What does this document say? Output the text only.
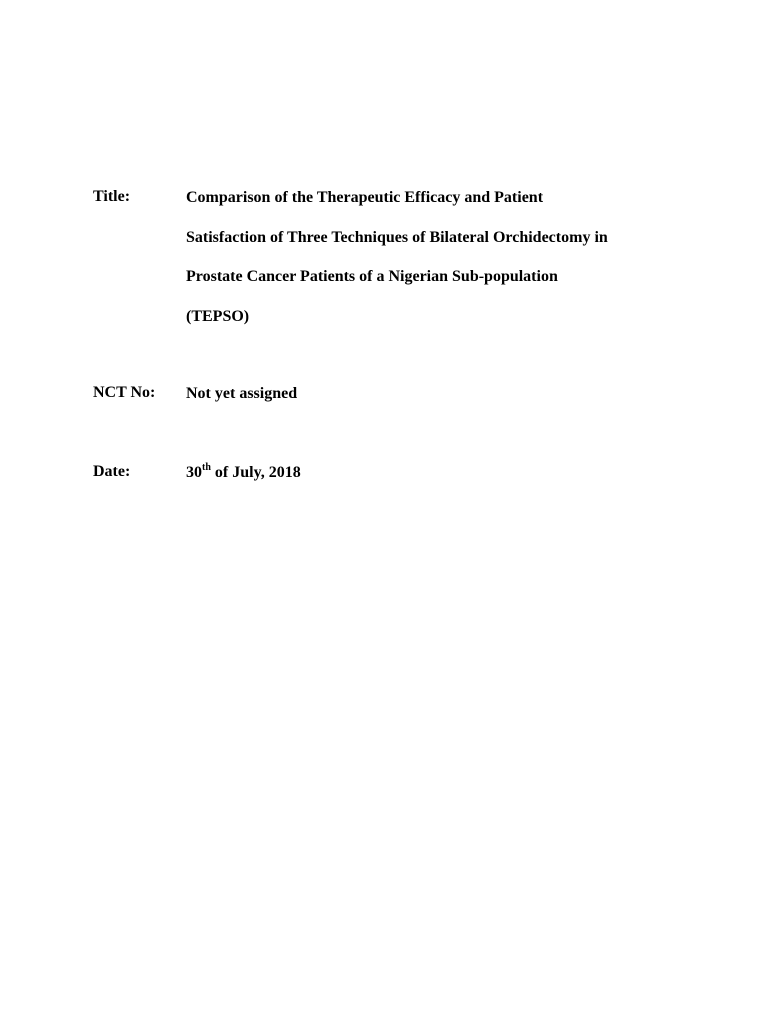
Title:	Comparison of the Therapeutic Efficacy and Patient
Satisfaction of Three Techniques of Bilateral Orchidectomy in
Prostate Cancer Patients of a Nigerian Sub-population
(TEPSO)
NCT No:	Not yet assigned
Date:	30th of July, 2018
